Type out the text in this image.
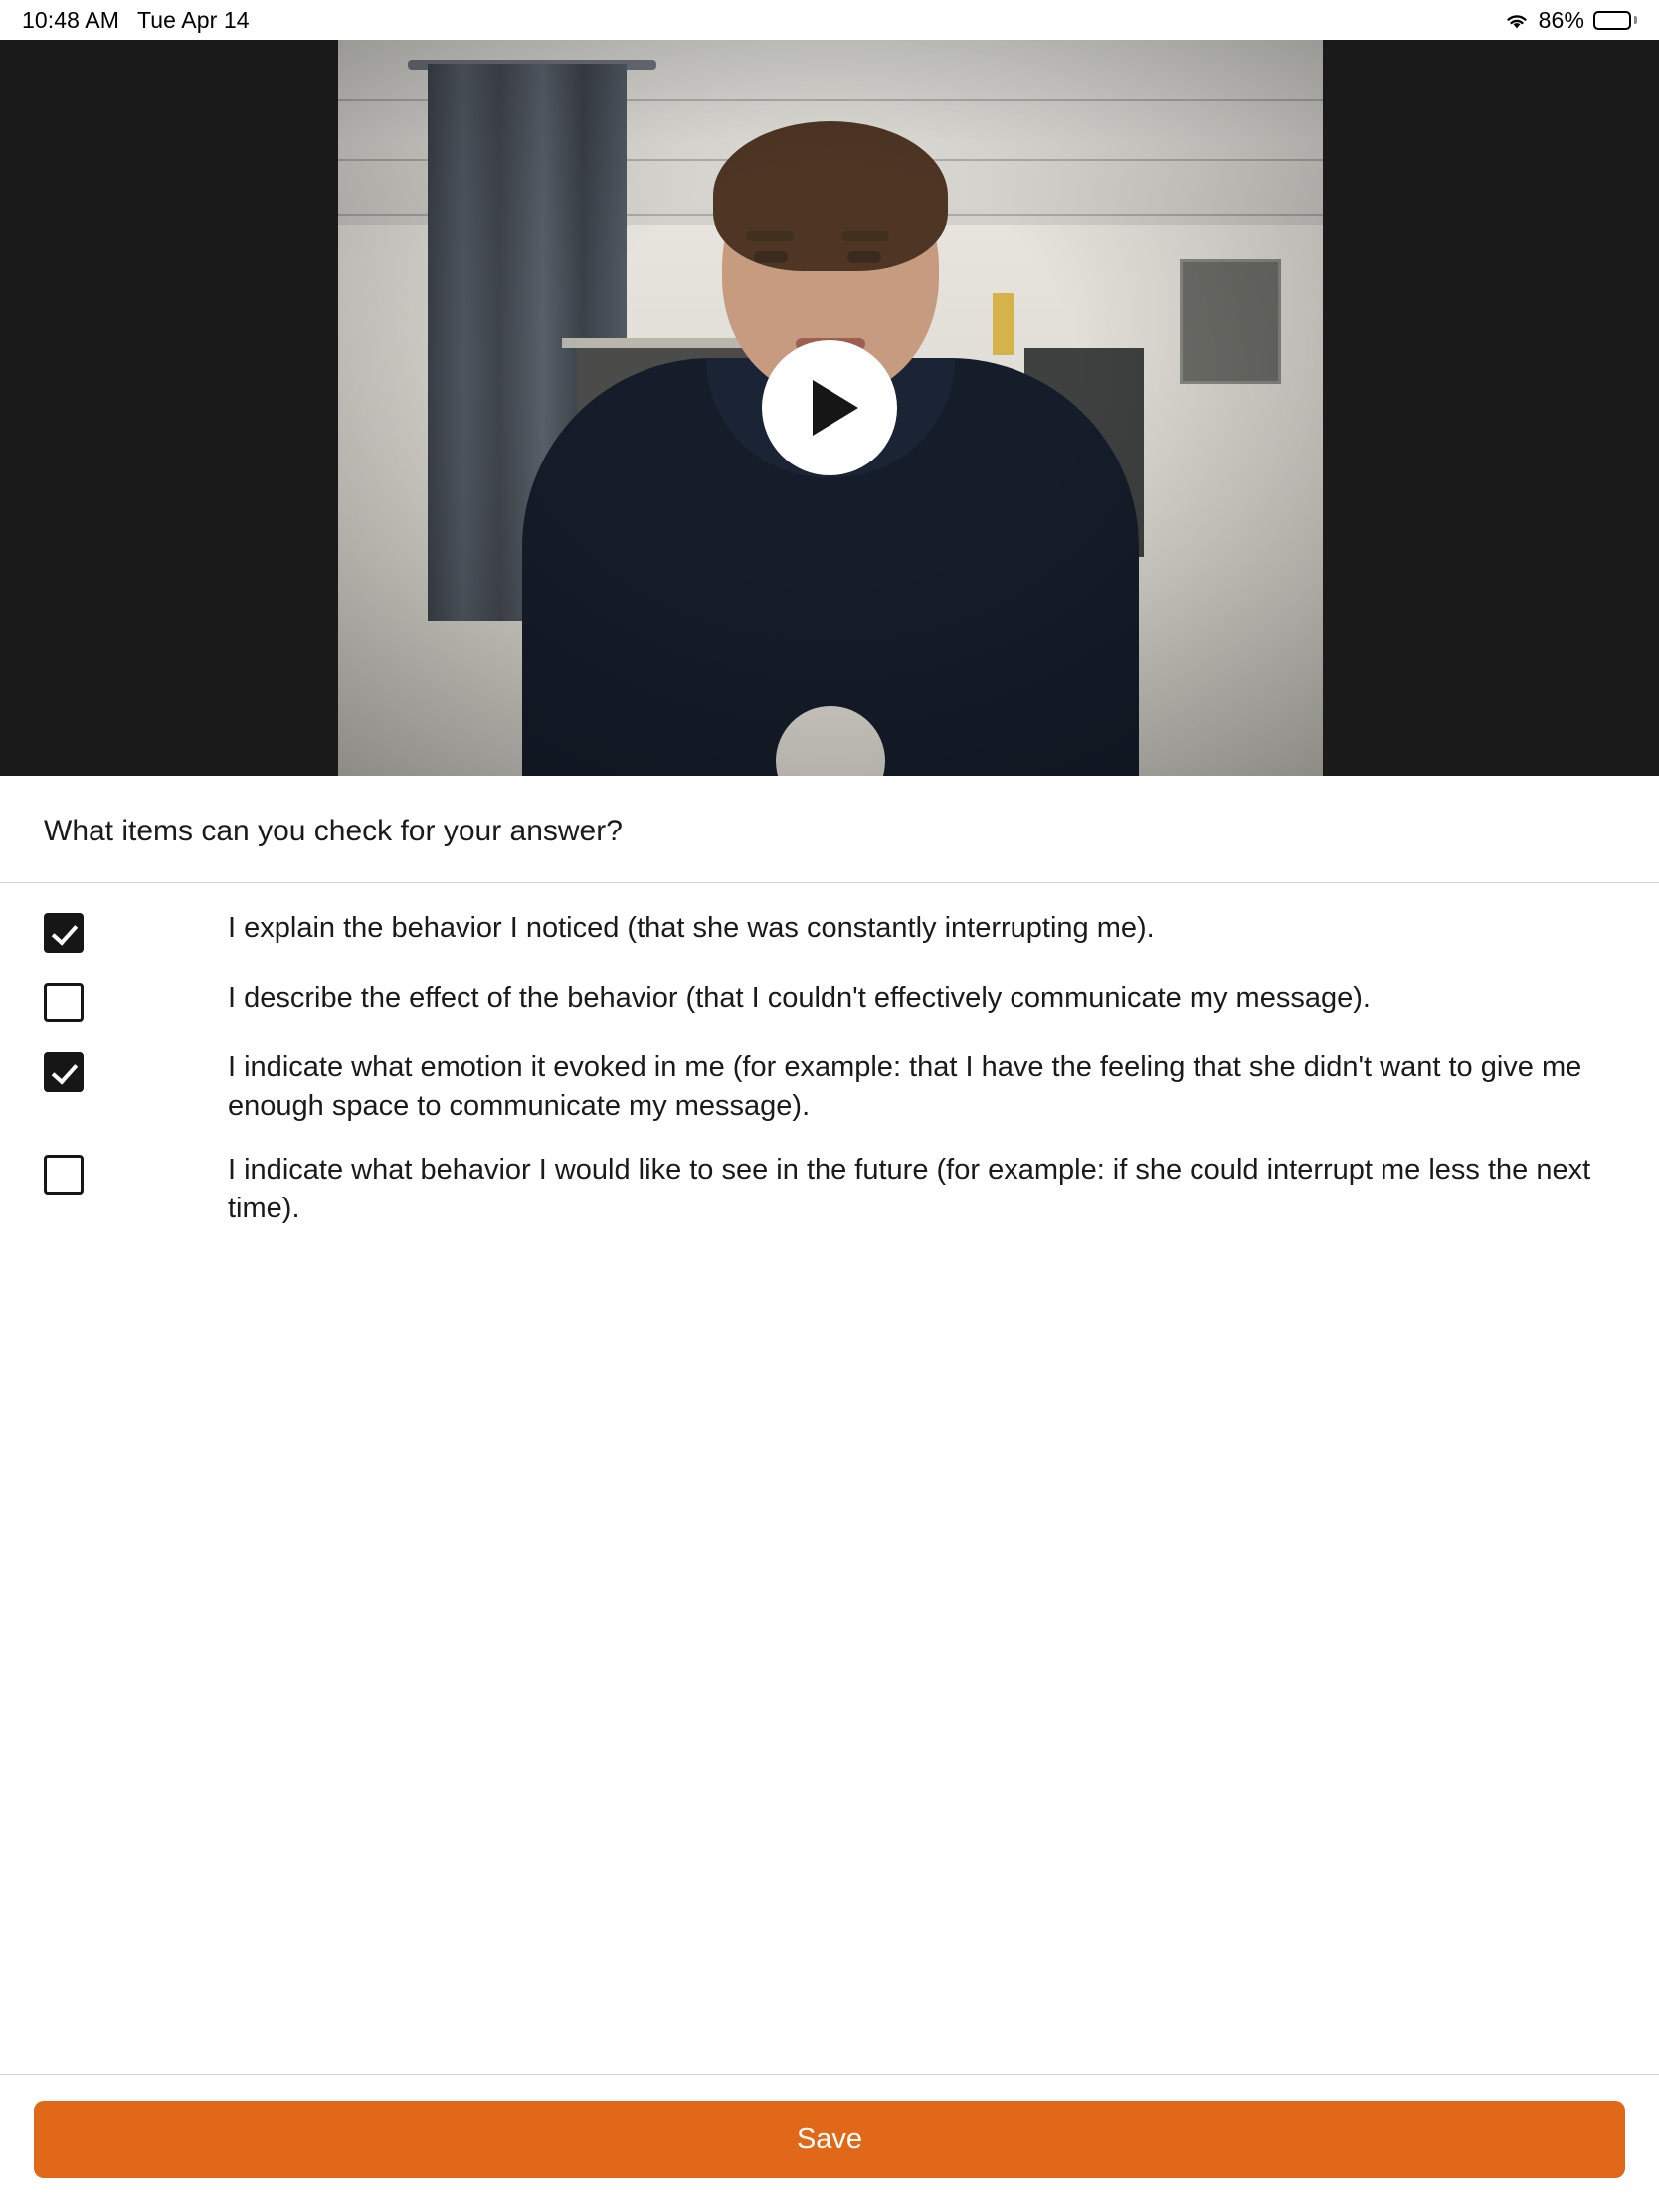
10:48 AM Tue Apr 14	86%
What items can you check for your answer?
I explain the behavior I noticed (that she was constantly interrupting me).
I describe the effect of the behavior (that I couldn't effectively communicate my message).
I indicate what emotion it evoked in me (for example: that I have the feeling that she didn't want to give me enough space to communicate my message).
I indicate what behavior I would like to see in the future (for example: if she could interrupt me less the next time).
Save
